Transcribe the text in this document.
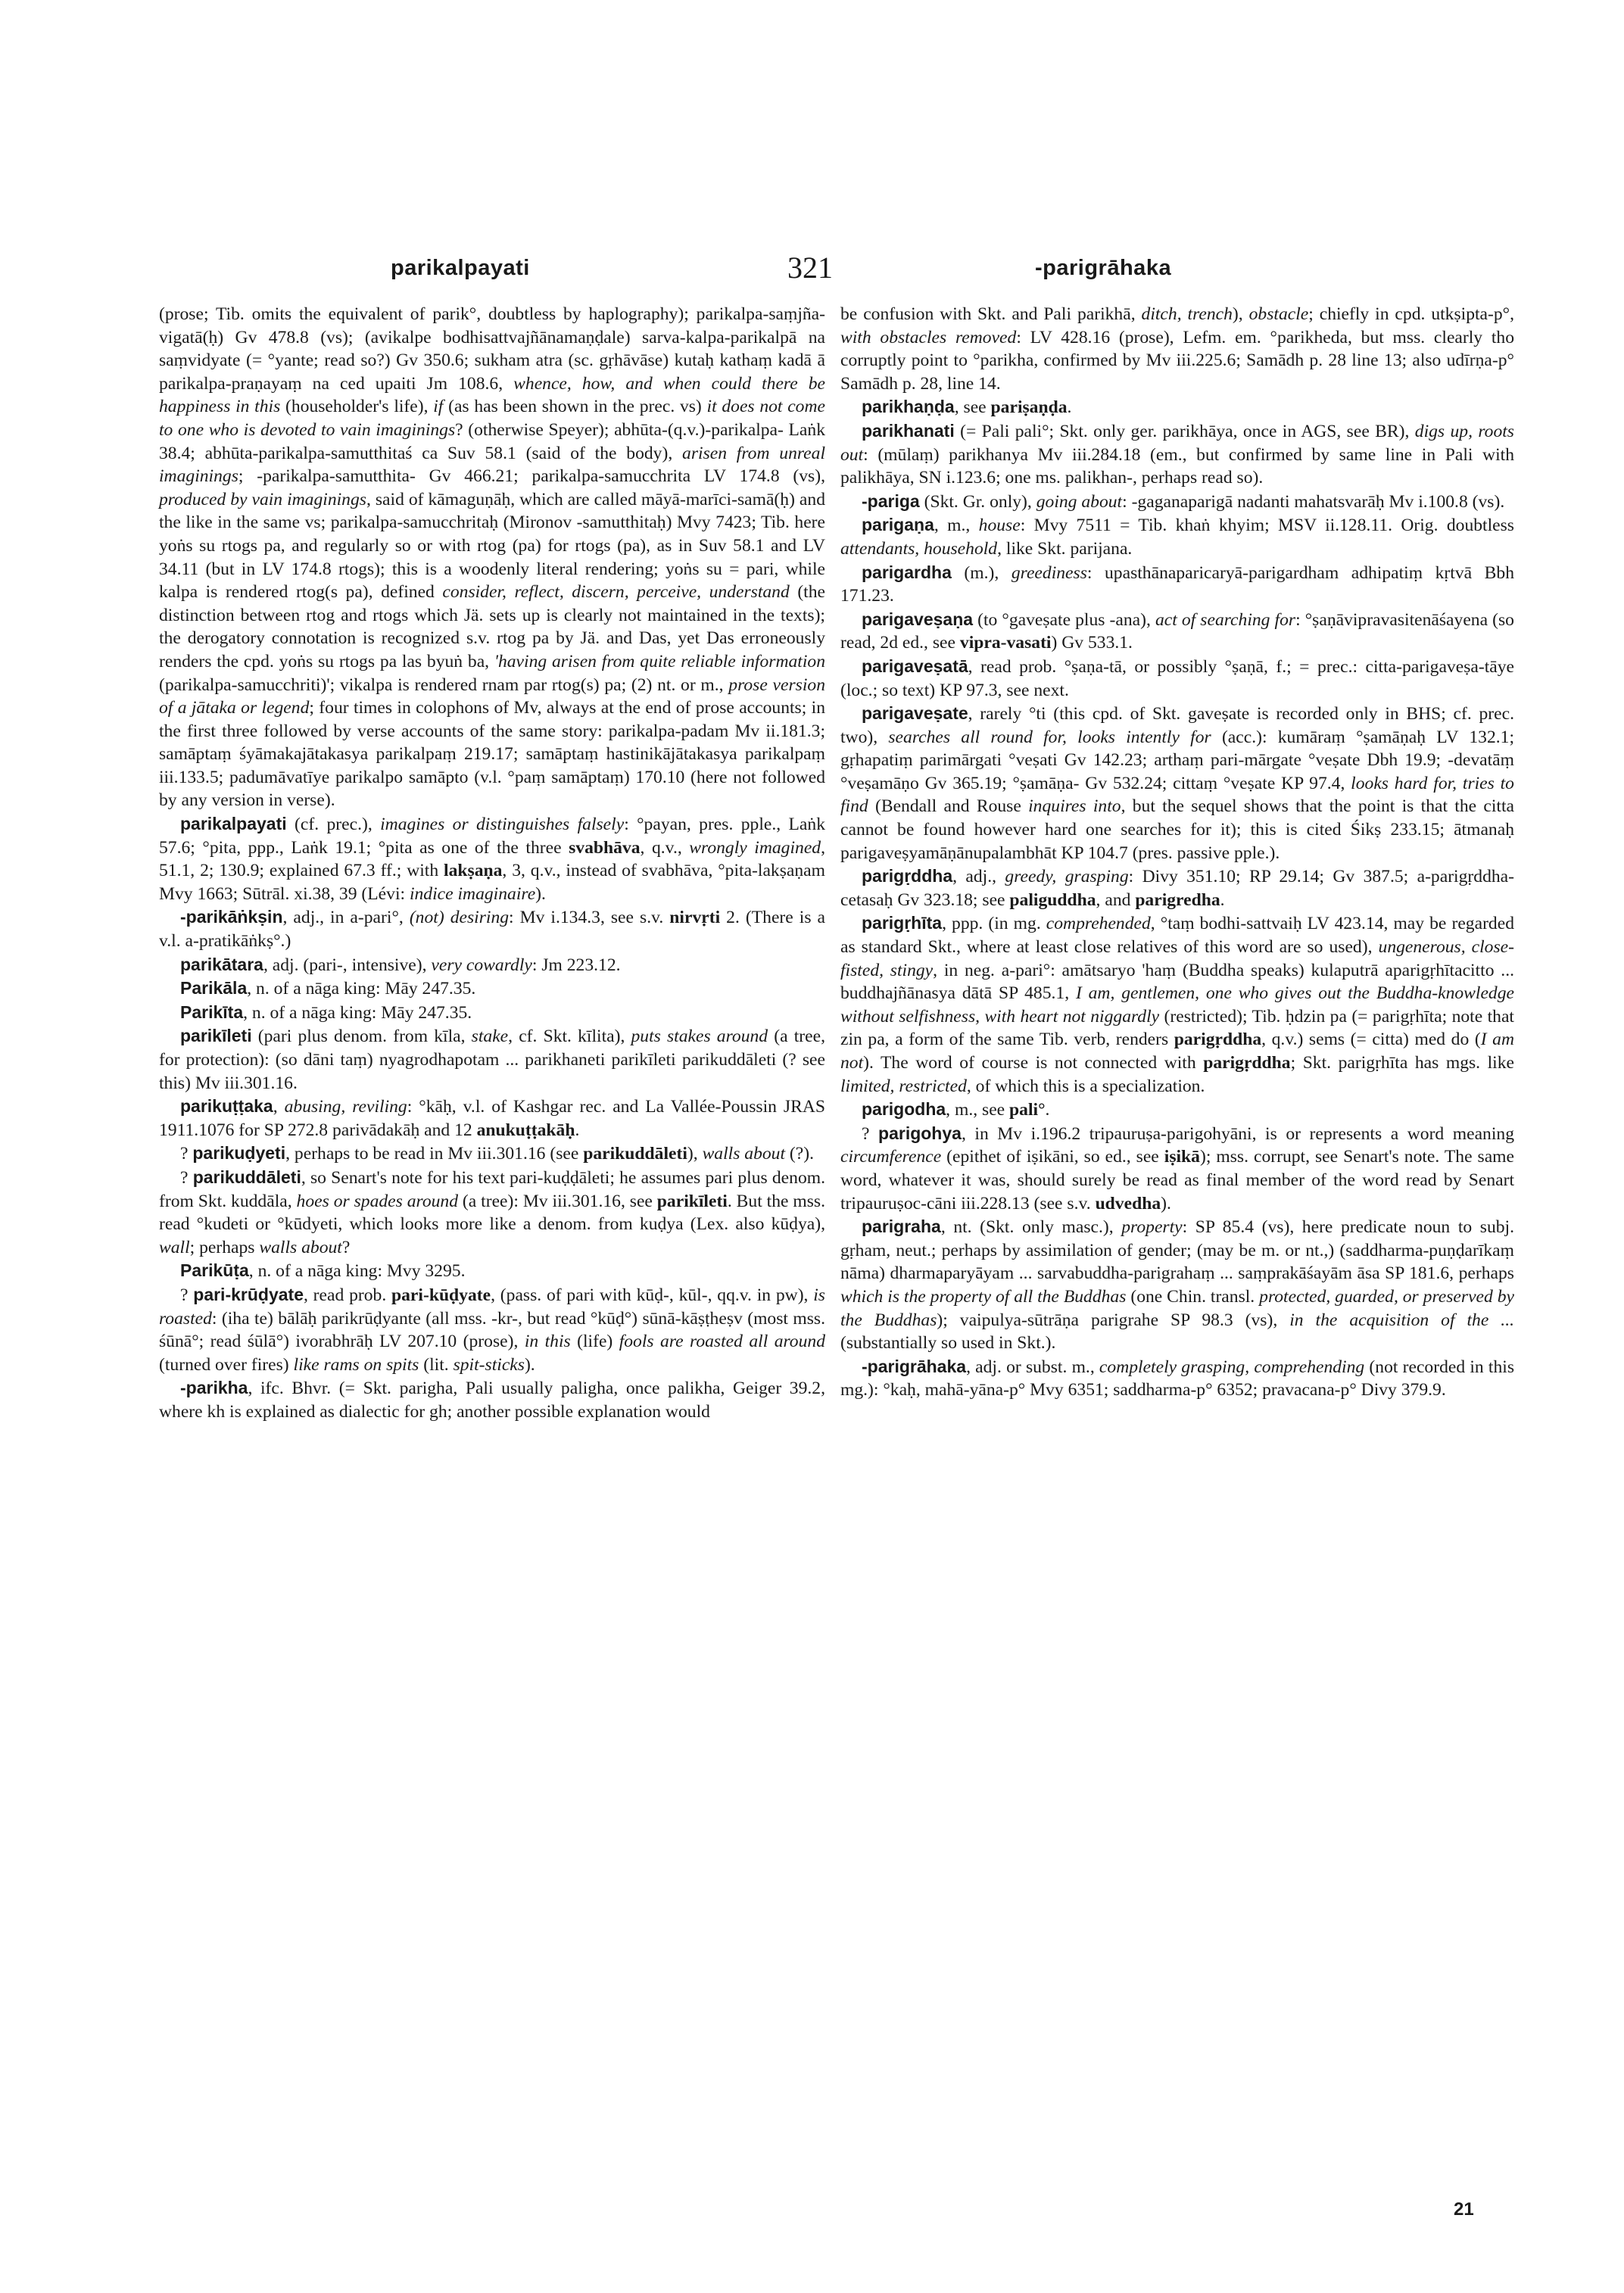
parikalpayati	321	-parigrāhaka

(prose; Tib. omits the equivalent of parik°, doubtless by haplography); parikalpa-saṃjña-vigatā(ḥ) Gv 478.8 (vs); (avikalpe bodhisattvajñānamaṇḍale) sarva-kalpa-parikalpā na saṃvidyate (= °yante; read so?) Gv 350.6; sukham atra (sc. gṛhāvāse) kutaḥ kathaṃ kadā ā parikalpa-praṇayaṃ na ced upaiti Jm 108.6, whence, how, and when could there be happiness in this (householder's life), if (as has been shown in the prec. vs) it does not come to one who is devoted to vain imaginings? (otherwise Speyer); abhūta-(q.v.)-parikalpa- Laṅk 38.4; abhūta-parikalpa-samutthitaś ca Suv 58.1 (said of the body), arisen from unreal imaginings; -parikalpa-samutthita- Gv 466.21; parikalpa-samucchrita LV 174.8 (vs), produced by vain imaginings, said of kāmaguṇāḥ, which are called māyā-marīci-samā(ḥ) and the like in the same vs; parikalpa-samucchritaḥ (Mironov -samutthitaḥ) Mvy 7423; Tib. here yoṅs su rtogs pa, and regularly so or with rtog (pa) for rtogs (pa), as in Suv 58.1 and LV 34.11 (but in LV 174.8 rtogs); this is a woodenly literal rendering; yoṅs su = pari, while kalpa is rendered rtog(s pa), defined consider, reflect, discern, perceive, understand (the distinction between rtog and rtogs which Jä. sets up is clearly not maintained in the texts); the derogatory connotation is recognized s.v. rtog pa by Jä. and Das, yet Das erroneously renders the cpd. yoṅs su rtogs pa las byuṅ ba, 'having arisen from quite reliable information (parikalpa-samucchriti)'; vikalpa is rendered rnam par rtog(s) pa; (2) nt. or m., prose version of a jātaka or legend; four times in colophons of Mv, always at the end of prose accounts; in the first three followed by verse accounts of the same story: parikalpa-padam Mv ii.181.3; samāptaṃ śyāmakajātakasya parikalpaṃ 219.17; samāptaṃ hastinikājātakasya parikalpaṃ iii.133.5; padumāvatīye parikalpo samāpto (v.l. °paṃ samāptaṃ) 170.10 (here not followed by any version in verse).

parikalpayati (cf. prec.), imagines or distinguishes falsely: °payan, pres. pple., Laṅk 57.6; °pita, ppp., Laṅk 19.1; °pita as one of the three svabhāva, q.v., wrongly imagined, 51.1, 2; 130.9; explained 67.3 ff.; with lakṣaṇa, 3, q.v., instead of svabhāva, °pita-lakṣaṇam Mvy 1663; Sūtrāl. xi.38, 39 (Lévi: indice imaginaire).

-parikāṅkṣin, adj., in a-pari°, (not) desiring: Mv i.134.3, see s.v. nirvṛti 2. (There is a v.l. a-pratikāṅkṣ°.)

parikātara, adj. (pari-, intensive), very cowardly: Jm 223.12.

Parikāla, n. of a nāga king: Māy 247.35.

Parikīta, n. of a nāga king: Māy 247.35.

parikīleti (pari plus denom. from kīla, stake, cf. Skt. kīlita), puts stakes around (a tree, for protection): (so dāni taṃ) nyagrodhapotam ... parikhaneti parikīleti parikuddāleti (? see this) Mv iii.301.16.

parikuṭṭaka, abusing, reviling: °kāḥ, v.l. of Kashgar rec. and La Vallée-Poussin JRAS 1911.1076 for SP 272.8 parivādakāḥ and 12 anukuṭṭakāḥ.

? parikuḍyeti, perhaps to be read in Mv iii.301.16 (see parikuddāleti), walls about (?).

? parikuddāleti, so Senart's note for his text pari-kuḍḍāleti; he assumes pari plus denom. from Skt. kuddāla, hoes or spades around (a tree): Mv iii.301.16, see parikīleti. But the mss. read °kudeti or °kūdyeti, which looks more like a denom. from kuḍya (Lex. also kūḍya), wall; perhaps walls about?

Parikūṭa, n. of a nāga king: Mvy 3295.

? pari-krūḍyate, read prob. pari-kūḍyate, (pass. of pari with kūḍ-, kūl-, qq.v. in pw), is roasted: (iha te) bālāḥ parikrūḍyante (all mss. -kr-, but read °kūḍ°) sūnā-kāṣṭheṣv (most mss. śūnā°; read śūlā°) ivorabhrāḥ LV 207.10 (prose), in this (life) fools are roasted all around (turned over fires) like rams on spits (lit. spit-sticks).

-parikha, ifc. Bhvr. (= Skt. parigha, Pali usually paligha, once palikha, Geiger 39.2, where kh is explained as dialectic for gh; another possible explanation would

be confusion with Skt. and Pali parikhā, ditch, trench), obstacle; chiefly in cpd. utkṣipta-p°, with obstacles removed: LV 428.16 (prose), Lefm. em. °parikheda, but mss. clearly tho corruptly point to °parikha, confirmed by Mv iii.225.6; Samādh p. 28 line 13; also udīrṇa-p° Samādh p. 28, line 14.

parikhaṇḍa, see pariṣaṇḍa.

parikhanati (= Pali pali°; Skt. only ger. parikhāya, once in AGS, see BR), digs up, roots out: (mūlaṃ) parikhanya Mv iii.284.18 (em., but confirmed by same line in Pali with palikhāya, SN i.123.6; one ms. palikhan-, perhaps read so).

-pariga (Skt. Gr. only), going about: -gaganaparigā nadanti mahatsvarāḥ Mv i.100.8 (vs).

parigaṇa, m., house: Mvy 7511 = Tib. khaṅ khyim; MSV ii.128.11. Orig. doubtless attendants, household, like Skt. parijana.

parigardha (m.), greediness: upasthānaparicaryā-parigardham adhipatiṃ kṛtvā Bbh 171.23.

parigaveṣaṇa (to °gaveṣate plus -ana), act of searching for: °ṣaṇāvipravasitenāśayena (so read, 2d ed., see vipra-vasati) Gv 533.1.

parigaveṣatā, read prob. °ṣaṇa-tā, or possibly °ṣaṇā, f.; = prec.: citta-parigaveṣa-tāye (loc.; so text) KP 97.3, see next.

parigaveṣate, rarely °ti (this cpd. of Skt. gaveṣate is recorded only in BHS; cf. prec. two), searches all round for, looks intently for (acc.): kumāraṃ °ṣamāṇaḥ LV 132.1; gṛhapatiṃ parimārgati °veṣati Gv 142.23; arthaṃ pari-mārgate °veṣate Dbh 19.9; -devatāṃ °veṣamāṇo Gv 365.19; °ṣamāṇa- Gv 532.24; cittaṃ °veṣate KP 97.4, looks hard for, tries to find (Bendall and Rouse inquires into, but the sequel shows that the point is that the citta cannot be found however hard one searches for it); this is cited Śikṣ 233.15; ātmanaḥ parigaveṣyamāṇānupalambhāt KP 104.7 (pres. passive pple.).

parigṛddha, adj., greedy, grasping: Divy 351.10; RP 29.14; Gv 387.5; a-parigṛddha-cetasaḥ Gv 323.18; see paliguddha, and parigredha.

parigṛhīta, ppp. (in mg. comprehended, °taṃ bodhi-sattvaiḥ LV 423.14, may be regarded as standard Skt., where at least close relatives of this word are so used), ungenerous, close-fisted, stingy, in neg. a-pari°: amātsaryo 'haṃ (Buddha speaks) kulaputrā aparigṛhītacitto ... buddhajñānasya dātā SP 485.1, I am, gentlemen, one who gives out the Buddha-knowledge without selfishness, with heart not niggardly (restricted); Tib. ḥdzin pa (= parigṛhīta; note that zin pa, a form of the same Tib. verb, renders parigṛddha, q.v.) sems (= citta) med do (I am not). The word of course is not connected with parigṛddha; Skt. parigṛhīta has mgs. like limited, restricted, of which this is a specialization.

parigodha, m., see pali°.

? parigohya, in Mv i.196.2 tripauruṣa-parigohyāni, is or represents a word meaning circumference (epithet of iṣikāni, so ed., see iṣikā); mss. corrupt, see Senart's note. The same word, whatever it was, should surely be read as final member of the word read by Senart tripauruṣoc-cāni iii.228.13 (see s.v. udvedha).

parigraha, nt. (Skt. only masc.), property: SP 85.4 (vs), here predicate noun to subj. gṛham, neut.; perhaps by assimilation of gender; (may be m. or nt.,) (saddharma-puṇḍarīkaṃ nāma) dharmaparyāyam ... sarvabuddha-parigrahaṃ ... saṃprakāśayām āsa SP 181.6, perhaps which is the property of all the Buddhas (one Chin. transl. protected, guarded, or preserved by the Buddhas); vaipulya-sūtrāṇa parigrahe SP 98.3 (vs), in the acquisition of the ... (substantially so used in Skt.).

-parigrāhaka, adj. or subst. m., completely grasping, comprehending (not recorded in this mg.): °kaḥ, mahā-yāna-p° Mvy 6351; saddharma-p° 6352; pravacana-p° Divy 379.9.

21
